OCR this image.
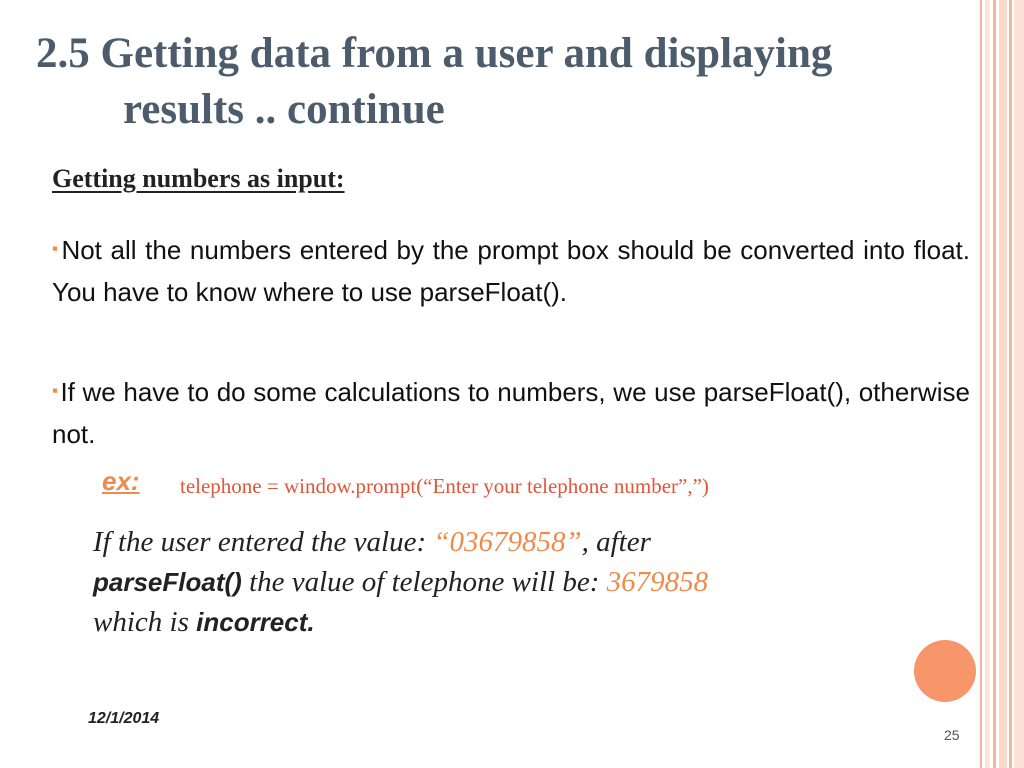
2.5 Getting data from a user and displaying
results .. continue
Getting numbers as input:
▪Not all the numbers entered by the prompt box should be converted into float. You have to know where to use parseFloat().
▪If we have to do some calculations to numbers, we use parseFloat(), otherwise not.
ex: telephone = window.prompt(“Enter your telephone number”,”)
If the user entered the value: “03679858”, after
parseFloat() the value of telephone will be: 3679858
which is incorrect.
12/1/2014
25
